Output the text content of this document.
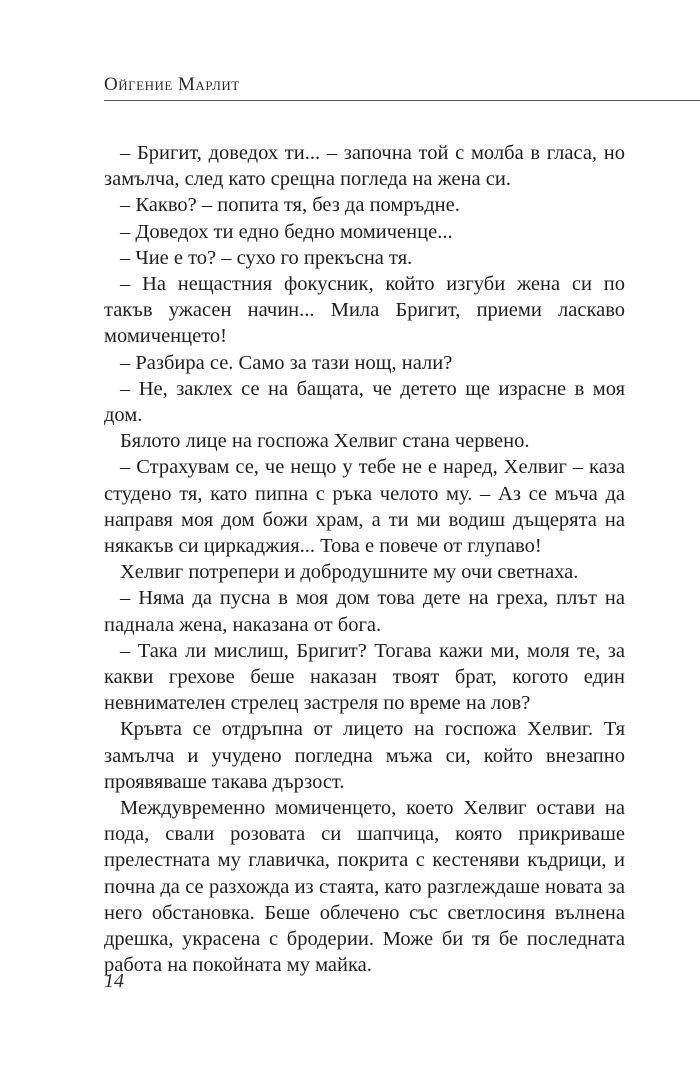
Ойгение Марлит

– Бригит, доведох ти... – започна той с молба в гласа, но замълча, след като срещна погледа на жена си.

– Какво? – попита тя, без да помръдне.

– Доведох ти едно бедно момиченце...

– Чие е то? – сухо го прекъсна тя.

– На нещастния фокусник, който изгуби жена си по такъв ужасен начин... Мила Бригит, приеми ласкаво момиченцето!

– Разбира се. Само за тази нощ, нали?

– Не, заклех се на бащата, че детето ще израсне в моя дом.

Бялото лице на госпожа Хелвиг стана червено.

– Страхувам се, че нещо у тебе не е наред, Хелвиг – каза студено тя, като пипна с ръка челото му. – Аз се мъча да направя моя дом божи храм, а ти ми водиш дъщерята на някакъв си циркаджия... Това е повече от глупаво!

Хелвиг потрепери и добродушните му очи светнаха.

– Няма да пусна в моя дом това дете на греха, плът на паднала жена, наказана от бога.

– Така ли мислиш, Бригит? Тогава кажи ми, моля те, за какви грехове беше наказан твоят брат, когото един невнимателен стрелец застреля по време на лов?

Кръвта се отдръпна от лицето на госпожа Хелвиг. Тя замълча и учудено погледна мъжа си, който внезапно проявяваше такава дързост.

Междувременно момиченцето, което Хелвиг остави на пода, свали розовата си шапчица, която прикриваше прелестната му главичка, покрита с кестеняви къдрици, и почна да се разхожда из стаята, като разглеждаше новата за него обстановка. Беше облечено със светлосиня вълнена дрешка, украсена с бродерии. Може би тя бе последната работа на покойната му майка.

14
